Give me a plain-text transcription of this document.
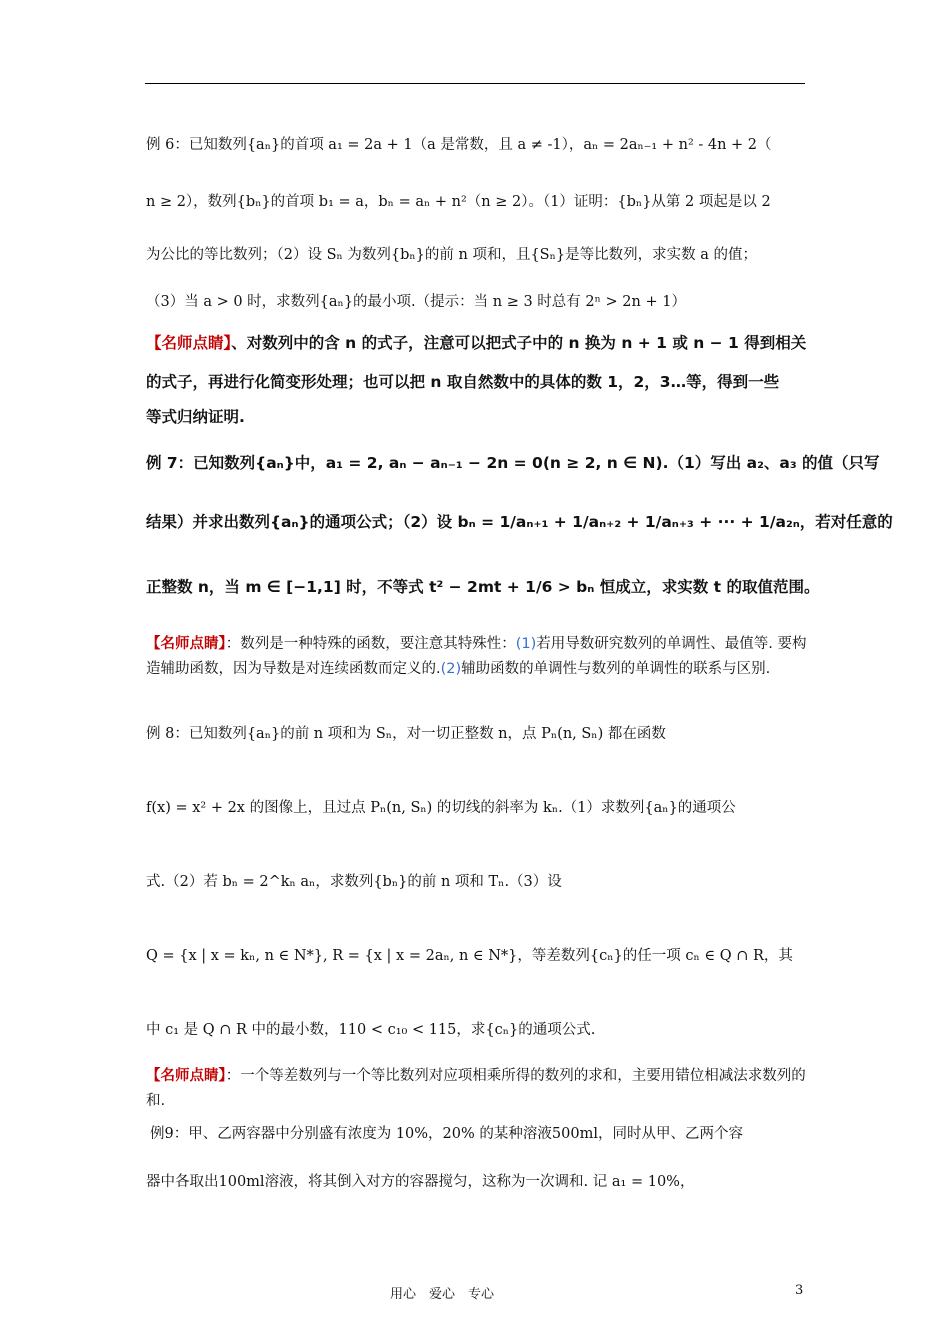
例 6：已知数列{aₙ}的首项 a₁ = 2a + 1（a 是常数，且 a ≠ -1），aₙ = 2aₙ₋₁ + n² - 4n + 2（
n ≥ 2），数列{bₙ}的首项 b₁ = a，bₙ = aₙ + n²（n ≥ 2）。（1）证明：{bₙ}从第 2 项起是以 2
为公比的等比数列；（2）设 Sₙ 为数列{bₙ}的前 n 项和，且{Sₙ}是等比数列，求实数 a 的值；
（3）当 a > 0 时，求数列{aₙ}的最小项.（提示：当 n ≥ 3 时总有 2ⁿ > 2n + 1）
【名师点睛】、对数列中的含 n 的式子，注意可以把式子中的 n 换为 n + 1 或 n − 1 得到相关
的式子，再进行化简变形处理；也可以把 n 取自然数中的具体的数 1，2，3…等，得到一些
等式归纳证明.
例 7：已知数列{aₙ}中，a₁ = 2, aₙ − aₙ₋₁ − 2n = 0(n ≥ 2, n ∈ N).（1）写出 a₂、a₃ 的值（只写
结果）并求出数列{aₙ}的通项公式；（2）设 bₙ = 1/aₙ₊₁ + 1/aₙ₊₂ + 1/aₙ₊₃ + ··· + 1/a₂ₙ，若对任意的
正整数 n，当 m ∈ [−1,1] 时，不等式 t² − 2mt + 1/6 > bₙ 恒成立，求实数 t 的取值范围。
【名师点睛】：数列是一种特殊的函数，要注意其特殊性：(1)若用导数研究数列的单调性、最值等. 要构造辅助函数，因为导数是对连续函数而定义的.(2)辅助函数的单调性与数列的单调性的联系与区别.
例 8：已知数列{aₙ}的前 n 项和为 Sₙ，对一切正整数 n，点 Pₙ(n, Sₙ) 都在函数
f(x) = x² + 2x 的图像上，且过点 Pₙ(n, Sₙ) 的切线的斜率为 kₙ.（1）求数列{aₙ}的通项公
式.（2）若 bₙ = 2^kₙ aₙ，求数列{bₙ}的前 n 项和 Tₙ.（3）设
Q = {x | x = kₙ, n ∈ N*}, R = {x | x = 2aₙ, n ∈ N*}，等差数列{cₙ}的任一项 cₙ ∈ Q ∩ R，其
中 c₁ 是 Q ∩ R 中的最小数，110 < c₁₀ < 115，求{cₙ}的通项公式.
【名师点睛】：一个等差数列与一个等比数列对应项相乘所得的数列的求和，主要用错位相减法求数列的和.
例9：甲、乙两容器中分别盛有浓度为 10%，20% 的某种溶液500ml，同时从甲、乙两个容
器中各取出100ml溶液，将其倒入对方的容器搅匀，这称为一次调和. 记 a₁ = 10%，
用心　爱心　专心	3
